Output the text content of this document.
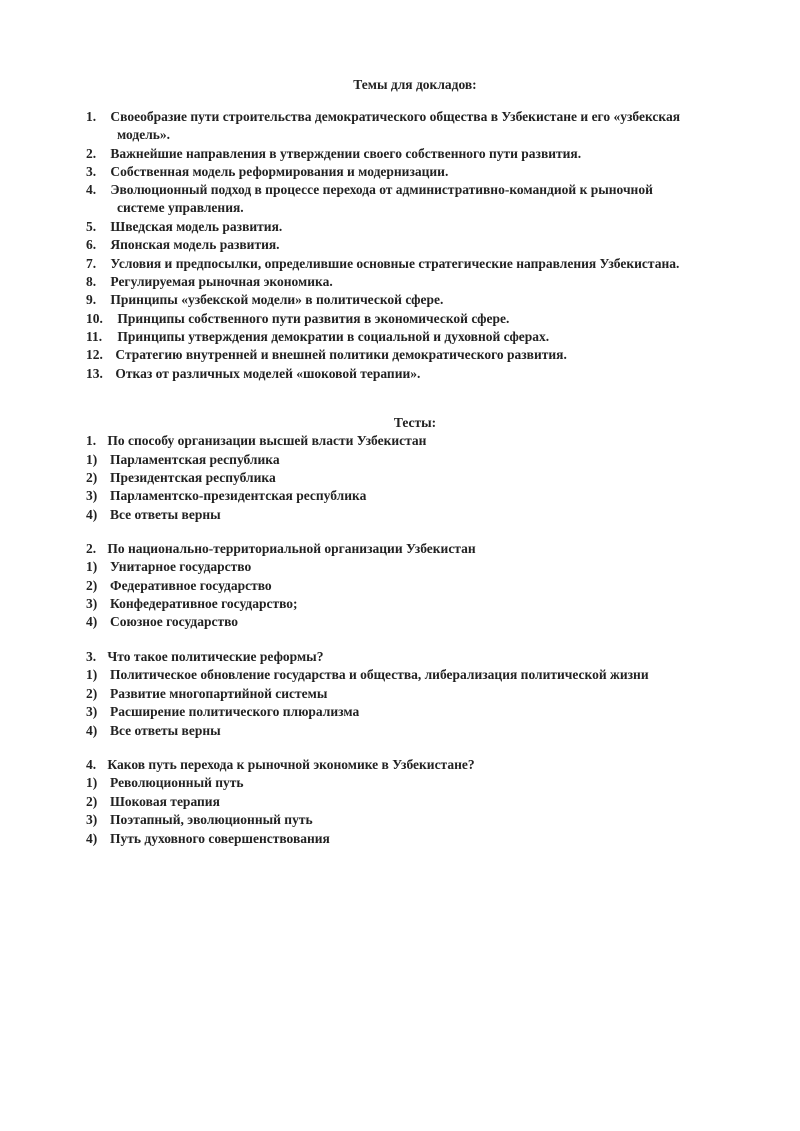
Темы для докладов:
1. Своеобразие пути строительства демократического общества в Узбекистане и его «узбекская
модель».
2. Важнейшие направления в утверждении своего собственного пути развития.
3. Собственная модель реформирования и модернизации.
4. Эволюционный подход в процессе перехода от административно-командиой к рыночной
системе управления.
5. Шведская модель развития.
6. Японская модель развития.
7. Условия и предпосылки, определившие основные стратегические направления Узбекистана.
8. Регулируемая рыночная экономика.
9. Принципы «узбекской модели» в политической сфере.
10. Принципы собственного пути развития в экономической сфере.
11. Принципы утверждения демократии в социальной и духовной сферах.
12. Стратегию внутренней и внешней политики демократического развития.
13. Отказ от различных моделей «шоковой терапии».
Тесты:
1. По способу организации высшей власти Узбекистан
1) Парламентская республика
2) Президентская республика
3) Парламентско-президентская республика
4) Все ответы верны
2. По национально-территориальной организации Узбекистан
1) Унитарное государство
2) Федеративное государство
3) Конфедеративное государство;
4) Союзное государство
3. Что такое политические реформы?
1) Политическое обновление государства и общества, либерализация политической жизни
2) Развитие многопартийной системы
3) Расширение политического плюрализма
4) Все ответы верны
4. Каков путь перехода к рыночной экономике в Узбекистане?
1) Революционный путь
2) Шоковая терапия
3) Поэтапный, эволюционный путь
4) Путь духовного совершенствования
